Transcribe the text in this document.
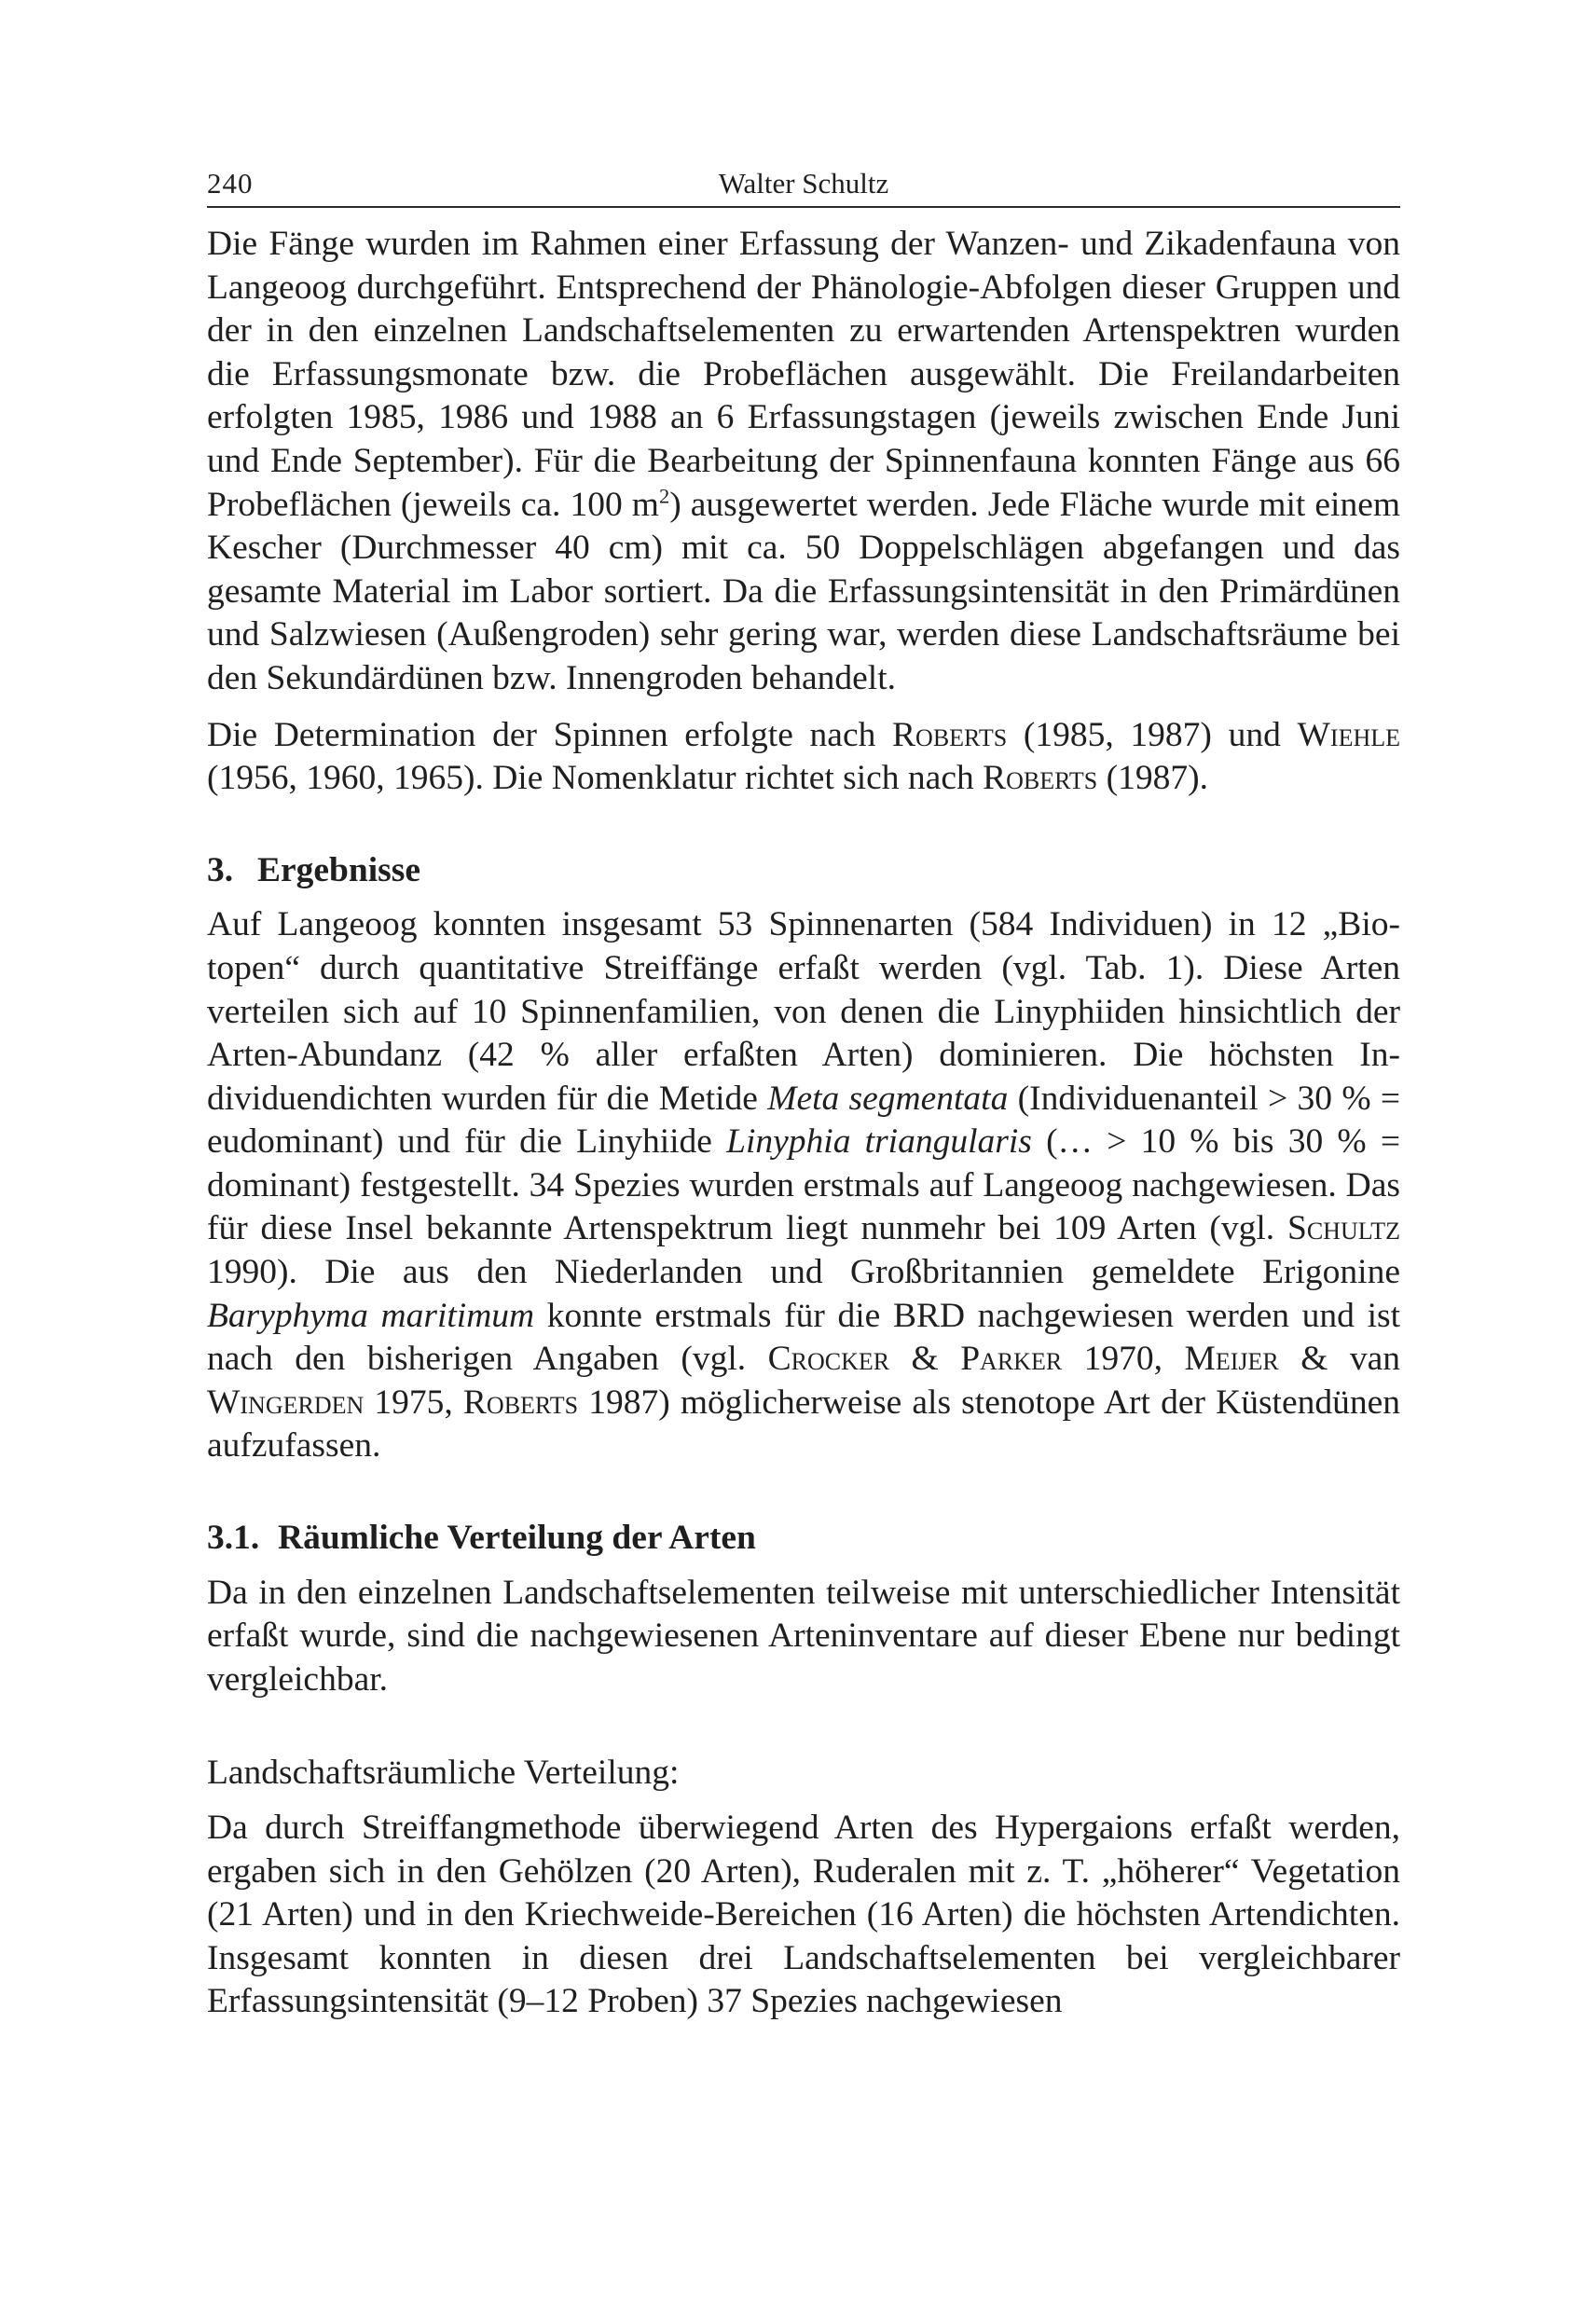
240	Walter Schultz

Die Fänge wurden im Rahmen einer Erfassung der Wanzen- und Zikadenfauna von Langeoog durchgeführt. Entsprechend der Phänologie-Abfolgen dieser Gruppen und der in den einzelnen Landschaftselementen zu erwartenden Artenspektren wurden die Erfassungsmonate bzw. die Probeflächen ausgewählt. Die Freilandarbeiten erfolgten 1985, 1986 und 1988 an 6 Erfassungstagen (jeweils zwischen Ende Juni und Ende September). Für die Bearbeitung der Spinnenfauna konnten Fänge aus 66 Probeflächen (jeweils ca. 100 $m^2$) ausgewertet werden. Jede Fläche wurde mit einem Kescher (Durchmesser 40 cm) mit ca. 50 Doppelschlägen abgefangen und das gesamte Material im Labor sortiert. Da die Erfassungsintensität in den Primärdünen und Salzwiesen (Außengroden) sehr gering war, werden diese Landschaftsräume bei den Sekundärdünen bzw. Innengroden behandelt.

Die Determination der Spinnen erfolgte nach Roberts (1985, 1987) und Wiehle (1956, 1960, 1965). Die Nomenklatur richtet sich nach Roberts (1987).

3. Ergebnisse

Auf Langeoog konnten insgesamt 53 Spinnenarten (584 Individuen) in 12 „Biotopen“ durch quantitative Streiffänge erfaßt werden (vgl. Tab. 1). Diese Arten verteilen sich auf 10 Spinnenfamilien, von denen die Linyphiiden hinsichtlich der Arten-Abundanz (42 % aller erfaßten Arten) dominieren. Die höchsten Individuendichten wurden für die Metide Meta segmentata (Individuenanteil > 30 % = eudominant) und für die Linyhiide Linyphia triangularis (… > 10 % bis 30 % = dominant) festgestellt. 34 Spezies wurden erstmals auf Langeoog nachgewiesen. Das für diese Insel bekannte Artenspektrum liegt nunmehr bei 109 Arten (vgl. Schultz 1990). Die aus den Niederlanden und Großbritannien gemeldete Erigonine Baryphyma maritimum konnte erstmals für die BRD nachgewiesen werden und ist nach den bisherigen Angaben (vgl. Crocker & Parker 1970, Meijer & van Wingerden 1975, Roberts 1987) möglicherweise als stenotope Art der Küstendünen aufzufassen.

3.1. Räumliche Verteilung der Arten

Da in den einzelnen Landschaftselementen teilweise mit unterschiedlicher Intensität erfaßt wurde, sind die nachgewiesenen Arteninventare auf dieser Ebene nur bedingt vergleichbar.

Landschaftsräumliche Verteilung:

Da durch Streiffangmethode überwiegend Arten des Hypergaions erfaßt werden, ergaben sich in den Gehölzen (20 Arten), Ruderalen mit z. T. „höherer“ Vegetation (21 Arten) und in den Kriechweide-Bereichen (16 Arten) die höchsten Artendichten. Insgesamt konnten in diesen drei Landschaftselementen bei vergleichbarer Erfassungsintensität (9–12 Proben) 37 Spezies nachgewiesen
